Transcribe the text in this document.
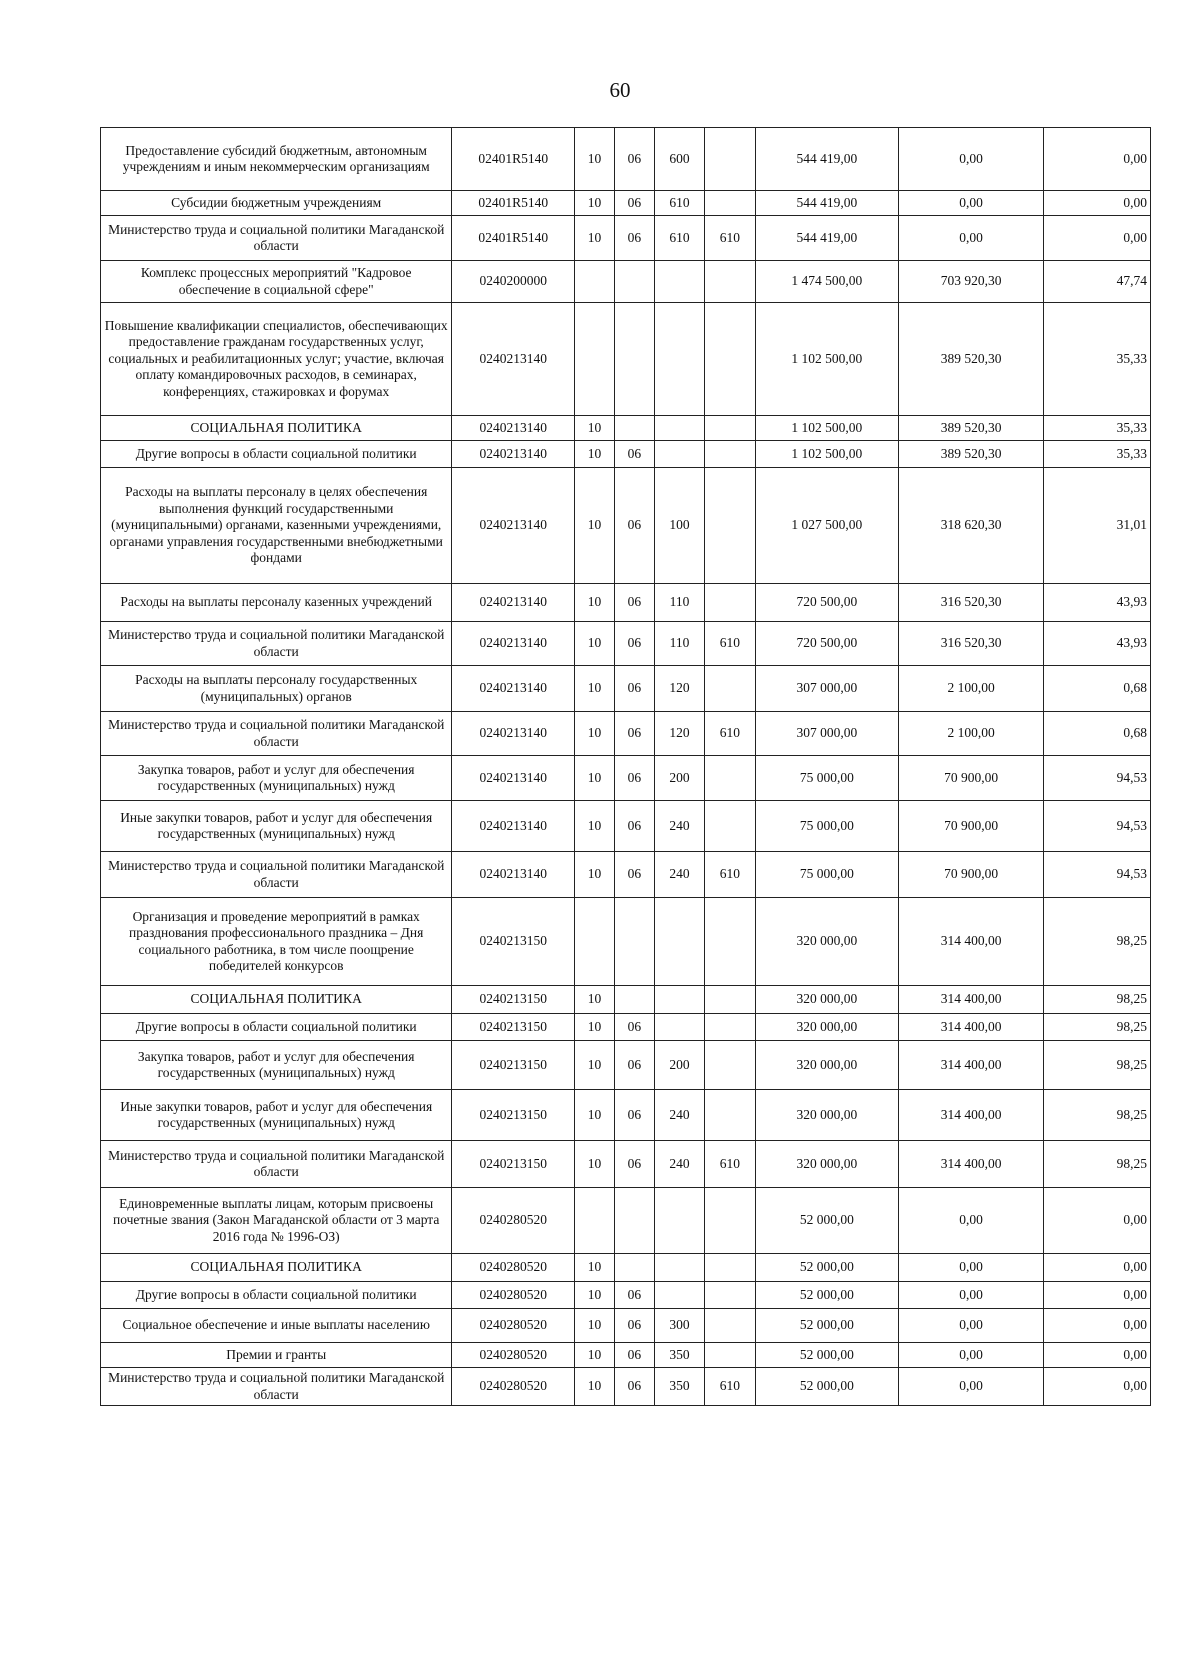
60
Предоставление субсидий бюджетным, автономным учреждениям и иным некоммерческим организациям	02401R5140	10	06	600		544 419,00	0,00	0,00
Субсидии бюджетным учреждениям	02401R5140	10	06	610		544 419,00	0,00	0,00
Министерство труда и социальной политики Магаданской области	02401R5140	10	06	610	610	544 419,00	0,00	0,00
Комплекс процессных мероприятий "Кадровое обеспечение в социальной сфере"	0240200000					1 474 500,00	703 920,30	47,74
Повышение квалификации специалистов, обеспечивающих предоставление гражданам государственных услуг, социальных и реабилитационных услуг; участие, включая оплату командировочных расходов, в семинарах, конференциях, стажировках и форумах	0240213140					1 102 500,00	389 520,30	35,33
СОЦИАЛЬНАЯ ПОЛИТИКА	0240213140	10				1 102 500,00	389 520,30	35,33
Другие вопросы в области социальной политики	0240213140	10	06			1 102 500,00	389 520,30	35,33
Расходы на выплаты персоналу в целях обеспечения выполнения функций государственными (муниципальными) органами, казенными учреждениями, органами управления государственными внебюджетными фондами	0240213140	10	06	100		1 027 500,00	318 620,30	31,01
Расходы на выплаты персоналу казенных учреждений	0240213140	10	06	110		720 500,00	316 520,30	43,93
Министерство труда и социальной политики Магаданской области	0240213140	10	06	110	610	720 500,00	316 520,30	43,93
Расходы на выплаты персоналу государственных (муниципальных) органов	0240213140	10	06	120		307 000,00	2 100,00	0,68
Министерство труда и социальной политики Магаданской области	0240213140	10	06	120	610	307 000,00	2 100,00	0,68
Закупка товаров, работ и услуг для обеспечения государственных (муниципальных) нужд	0240213140	10	06	200		75 000,00	70 900,00	94,53
Иные закупки товаров, работ и услуг для обеспечения государственных (муниципальных) нужд	0240213140	10	06	240		75 000,00	70 900,00	94,53
Министерство труда и социальной политики Магаданской области	0240213140	10	06	240	610	75 000,00	70 900,00	94,53
Организация и проведение мероприятий в рамках празднования профессионального праздника – Дня социального работника, в том числе поощрение победителей конкурсов	0240213150					320 000,00	314 400,00	98,25
СОЦИАЛЬНАЯ ПОЛИТИКА	0240213150	10				320 000,00	314 400,00	98,25
Другие вопросы в области социальной политики	0240213150	10	06			320 000,00	314 400,00	98,25
Закупка товаров, работ и услуг для обеспечения государственных (муниципальных) нужд	0240213150	10	06	200		320 000,00	314 400,00	98,25
Иные закупки товаров, работ и услуг для обеспечения государственных (муниципальных) нужд	0240213150	10	06	240		320 000,00	314 400,00	98,25
Министерство труда и социальной политики Магаданской области	0240213150	10	06	240	610	320 000,00	314 400,00	98,25
Единовременные выплаты лицам, которым присвоены почетные звания (Закон Магаданской области от 3 марта 2016 года № 1996-ОЗ)	0240280520					52 000,00	0,00	0,00
СОЦИАЛЬНАЯ ПОЛИТИКА	0240280520	10				52 000,00	0,00	0,00
Другие вопросы в области социальной политики	0240280520	10	06			52 000,00	0,00	0,00
Социальное обеспечение и иные выплаты населению	0240280520	10	06	300		52 000,00	0,00	0,00
Премии и гранты	0240280520	10	06	350		52 000,00	0,00	0,00
Министерство труда и социальной политики Магаданской области	0240280520	10	06	350	610	52 000,00	0,00	0,00
